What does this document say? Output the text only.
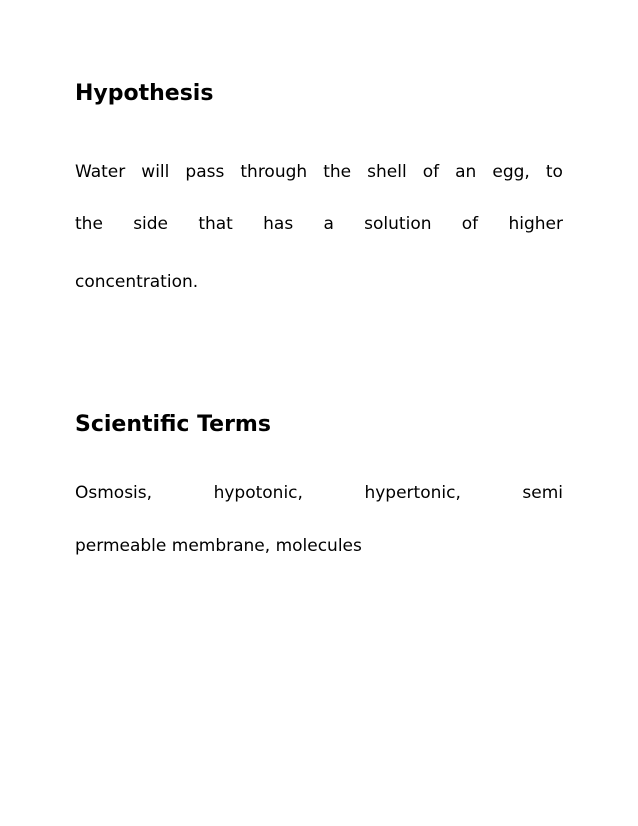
Hypothesis
Water will pass through the shell of an egg, to
the side that has a solution of higher
concentration.
Scientific Terms
Osmosis,	hypotonic,	hypertonic,	semi
permeable membrane, molecules
